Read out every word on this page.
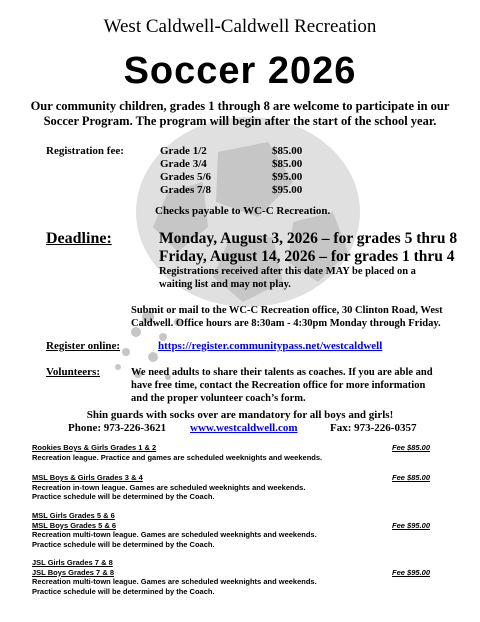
West Caldwell-Caldwell Recreation
Soccer 2026
Our community children, grades 1 through 8 are welcome to participate in our
Soccer Program. The program will begin after the start of the school year.
Registration fee:	Grade 1/2	$85.00
Grade 3/4	$85.00
Grades 5/6	$95.00
Grades 7/8	$95.00
Checks payable to WC-C Recreation.
Deadline:	Monday, August 3, 2026 – for grades 5 thru 8
Friday, August 14, 2026 – for grades 1 thru 4
Registrations received after this date MAY be placed on a
waiting list and may not play.
Submit or mail to the WC-C Recreation office, 30 Clinton Road, West
Caldwell. Office hours are 8:30am - 4:30pm Monday through Friday.
Register online:	https://register.communitypass.net/westcaldwell
Volunteers:	We need adults to share their talents as coaches. If you are able and
have free time, contact the Recreation office for more information
and the proper volunteer coach’s form.
Shin guards with socks over are mandatory for all boys and girls!
Phone: 973-226-3621 www.westcaldwell.com	Fax: 973-226-0357
Rookies Boys & Girls Grades 1 & 2	Fee $85.00
Recreation league. Practice and games are scheduled weeknights and weekends.
MSL Boys & Girls Grades 3 & 4	Fee $85.00
Recreation in-town league. Games are scheduled weeknights and weekends.
Practice schedule will be determined by the Coach.
MSL Girls Grades 5 & 6
MSL Boys Grades 5 & 6	Fee $95.00
Recreation multi-town league. Games are scheduled weeknights and weekends.
Practice schedule will be determined by the Coach.
JSL Girls Grades 7 & 8
JSL Boys Grades 7 & 8	Fee $95.00
Recreation multi-town league. Games are scheduled weeknights and weekends.
Practice schedule will be determined by the Coach.
